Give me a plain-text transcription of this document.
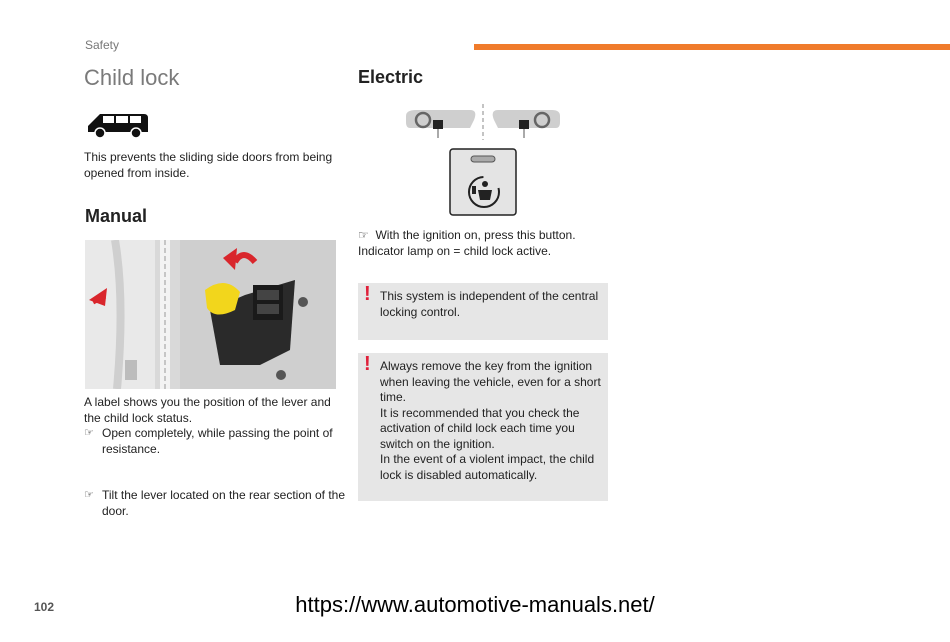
Safety
Child lock
This prevents the sliding side doors from being opened from inside.
Manual
A label shows you the position of the lever and the child lock status.
☞ Open completely, while passing the point of resistance.
☞ Tilt the lever located on the rear section of the door.
Electric
☞ With the ignition on, press this button.
Indicator lamp on = child lock active.
! This system is independent of the central locking control.
! Always remove the key from the ignition when leaving the vehicle, even for a short time.
It is recommended that you check the activation of child lock each time you switch on the ignition.
In the event of a violent impact, the child lock is disabled automatically.
102	https://www.automotive-manuals.net/
